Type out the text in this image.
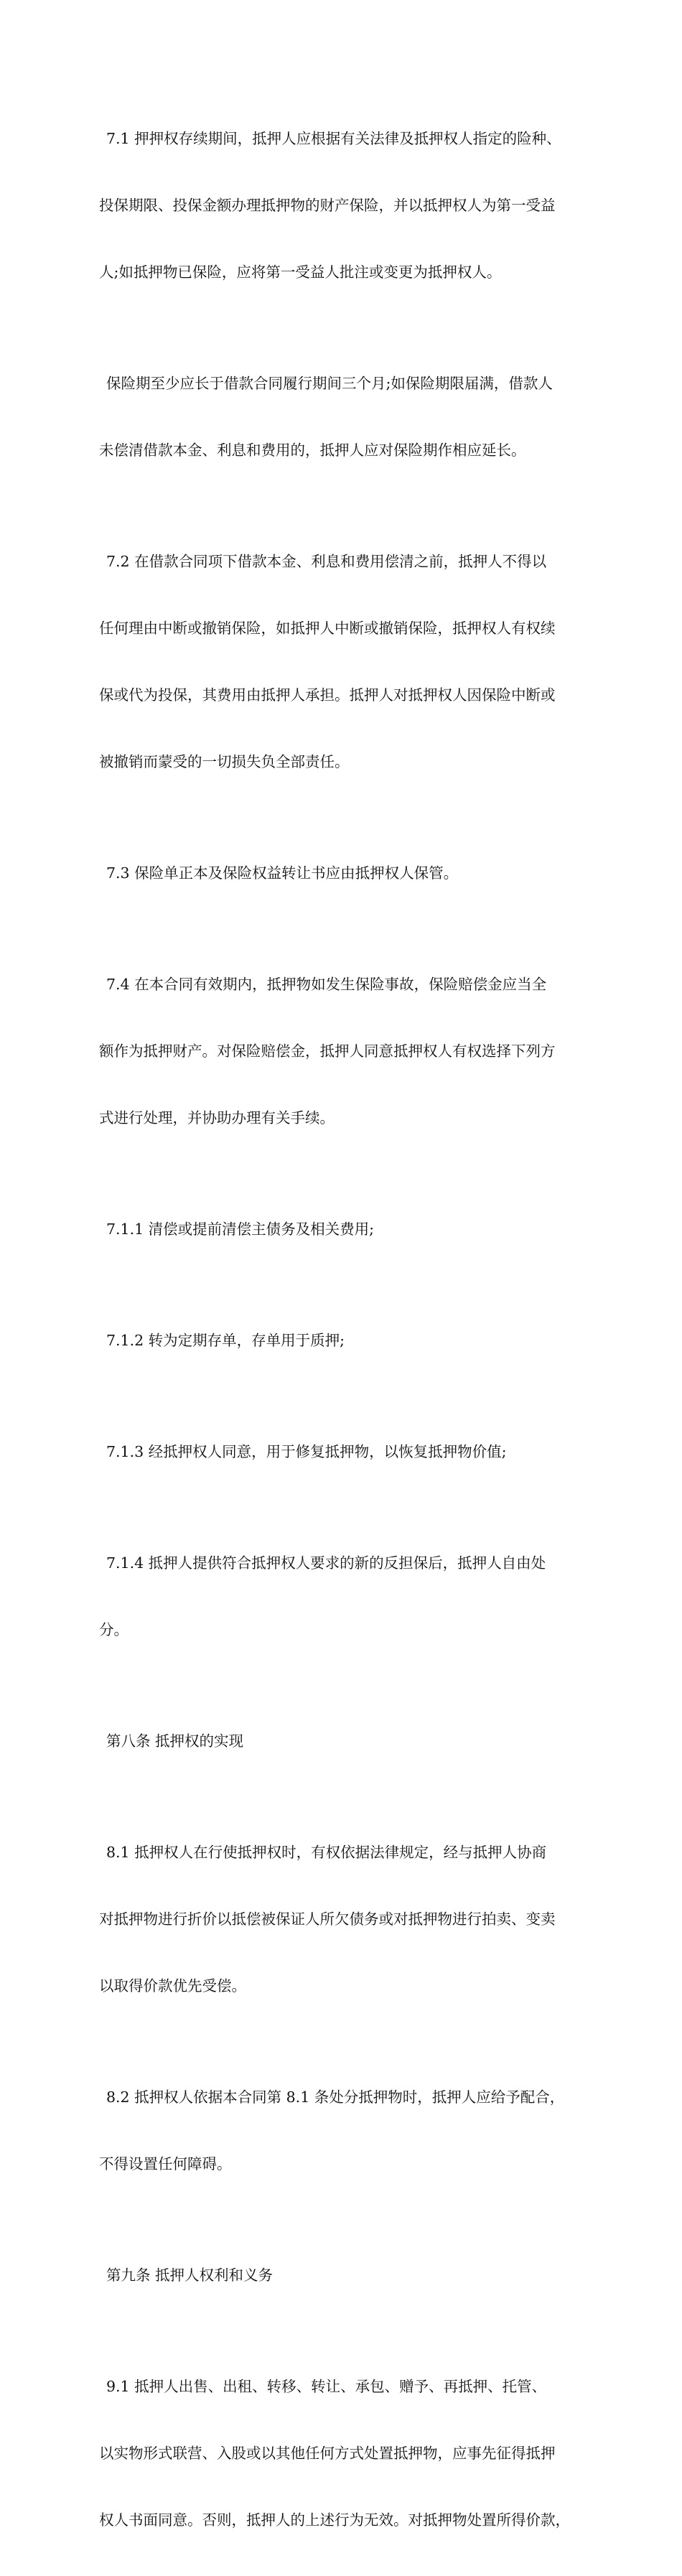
7.1 押押权存续期间，抵押人应根据有关法律及抵押权人指定的险种、

投保期限、投保金额办理抵押物的财产保险，并以抵押权人为第一受益

人;如抵押物已保险，应将第一受益人批注或变更为抵押权人。

保险期至少应长于借款合同履行期间三个月;如保险期限届满，借款人

未偿清借款本金、利息和费用的，抵押人应对保险期作相应延长。

7.2 在借款合同项下借款本金、利息和费用偿清之前，抵押人不得以

任何理由中断或撤销保险，如抵押人中断或撤销保险，抵押权人有权续

保或代为投保，其费用由抵押人承担。抵押人对抵押权人因保险中断或

被撤销而蒙受的一切损失负全部责任。

7.3 保险单正本及保险权益转让书应由抵押权人保管。

7.4 在本合同有效期内，抵押物如发生保险事故，保险赔偿金应当全

额作为抵押财产。对保险赔偿金，抵押人同意抵押权人有权选择下列方

式进行处理，并协助办理有关手续。

7.1.1 清偿或提前清偿主债务及相关费用;

7.1.2 转为定期存单，存单用于质押;

7.1.3 经抵押权人同意，用于修复抵押物，以恢复抵押物价值;

7.1.4 抵押人提供符合抵押权人要求的新的反担保后，抵押人自由处

分。

第八条 抵押权的实现

8.1 抵押权人在行使抵押权时，有权依据法律规定，经与抵押人协商

对抵押物进行折价以抵偿被保证人所欠债务或对抵押物进行拍卖、变卖

以取得价款优先受偿。

8.2 抵押权人依据本合同第 8.1 条处分抵押物时，抵押人应给予配合，

不得设置任何障碍。

第九条 抵押人权利和义务

9.1 抵押人出售、出租、转移、转让、承包、赠予、再抵押、托管、

以实物形式联营、入股或以其他任何方式处置抵押物，应事先征得抵押

权人书面同意。否则，抵押人的上述行为无效。对抵押物处置所得价款，
